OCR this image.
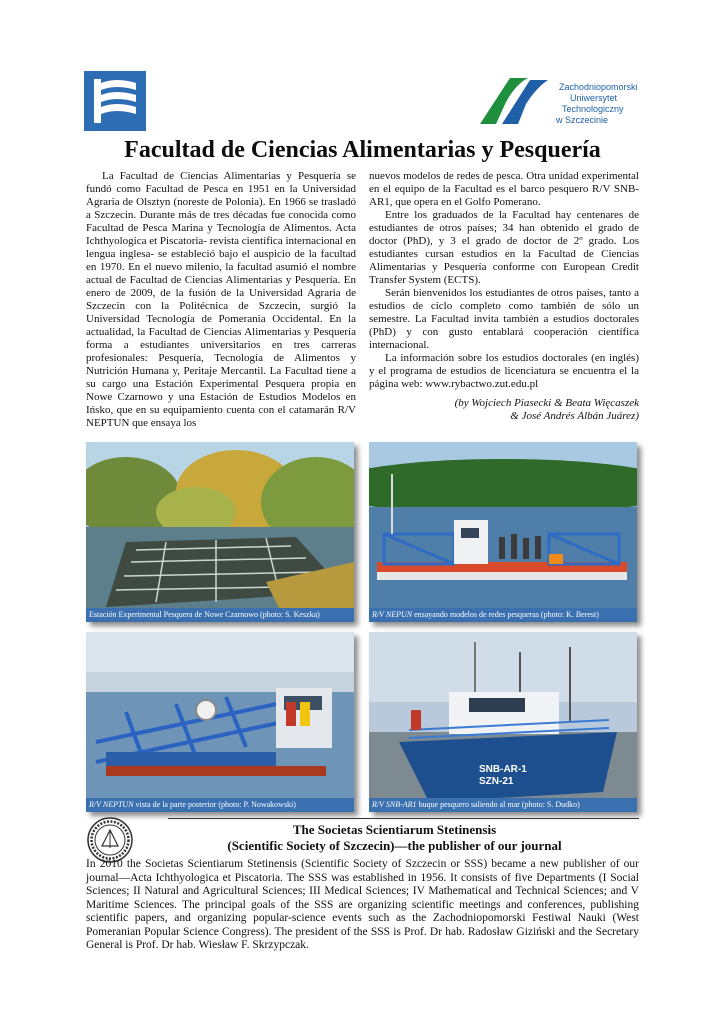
Zachodniopomorski
Uniwersytet
Technologiczny
w Szczecinie
Facultad de Ciencias Alimentarias y Pesquería

La Facultad de Ciencias Alimentarias y Pesquería se fundó como Facultad de Pesca en 1951 en la Universidad Agraria de Olsztyn (noreste de Polonia). En 1966 se trasladó a Szczecin. Durante más de tres décadas fue conocida como Facultad de Pesca Marina y Tecnología de Alimentos. Acta Ichthyologica et Piscatoria- revista científica internacional en lengua inglesa- se estableció bajo el auspicio de la facultad en 1970. En el nuevo milenio, la facultad asumió el nombre actual de Facultad de Ciencias Alimentarias y Pesquería. En enero de 2009, de la fusión de la Universidad Agraria de Szczecin con la Politécnica de Szczecin, surgió la Universidad Tecnología de Pomerania Occidental. En la actualidad, la Facultad de Ciencias Alimentarias y Pesquería forma a estudiantes universitarios en tres carreras profesionales: Pesquería, Tecnología de Alimentos y Nutrición Humana y, Peritaje Mercantil. La Facultad tiene a su cargo una Estación Experimental Pesquera propia en Nowe Czarnowo y una Estación de Estudios Modelos en Ińsko, que en su equipamiento cuenta con el catamarán R/V NEPTUN que ensaya los

nuevos modelos de redes de pesca. Otra unidad experimental en el equipo de la Facultad es el barco pesquero R/V SNB-AR1, que opera en el Golfo Pomerano.

Entre los graduados de la Facultad hay centenares de estudiantes de otros países; 34 han obtenido el grado de doctor (PhD), y 3 el grado de doctor de 2º grado. Los estudiantes cursan estudios en la Facultad de Ciencias Alimentarias y Pesquería conforme con European Credit Transfer System (ECTS).

Serán bienvenidos los estudiantes de otros países, tanto a estudios de ciclo completo como también de sólo un semestre. La Facultad invita también a estudios doctorales (PhD) y con gusto entablará cooperación científica internacional.

La información sobre los estudios doctorales (en inglés) y el programa de estudios de licenciatura se encuentra el la página web: www.rybactwo.zut.edu.pl

(by Wojciech Piasecki & Beata Więcaszek
& José Andrés Albán Juárez)
Estación Experimental Pesquera de Nowe Czarnowo (photo: S. Keszka)	R/V NEPUN ensayando modelos de redes pesqueras (photo: K. Berest)
R/V NEPTUN vista de la parte posterior (photo: P. Nowakowski)
SNB-AR-1
SZN-21
R/V SNB-AR1 buque pesquero saliendo al mar (photo: S. Dudko)
The Societas Scientiarum Stetinensis
(Scientific Society of Szczecin)—the publisher of our journal

In 2010 the Societas Scientiarum Stetinensis (Scientific Society of Szczecin or SSS) became a new publisher of our journal—Acta Ichthyologica et Piscatoria. The SSS was established in 1956. It consists of five Departments (I Social Sciences; II Natural and Agricultural Sciences; III Medical Sciences; IV Mathematical and Technical Sciences; and V Maritime Sciences. The principal goals of the SSS are organizing scientific meetings and conferences, publishing scientific papers, and organizing popular-science events such as the Zachodniopomorski Festiwal Nauki (West Pomeranian Popular Science Congress). The president of the SSS is Prof. Dr hab. Radosław Giziński and the Secretary General is Prof. Dr hab. Wiesław F. Skrzypczak.
